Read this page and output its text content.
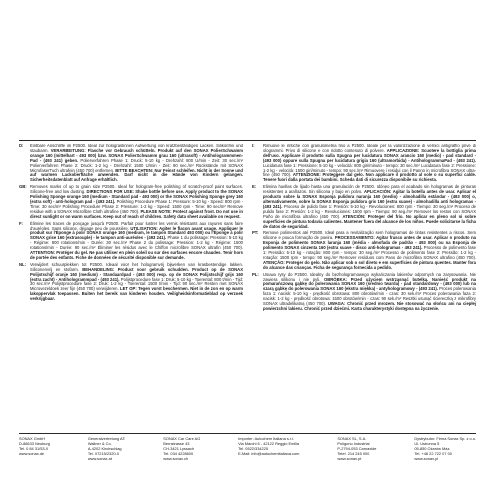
D:	Eintbare Anschliffe im P2500. Ideal zur holograstinnen Aufwertung von kratzbeständigen Lacken. Silikonfrei und staubarm. VERARBEITUNG: Flasche vor Gebrauch schütteln. Produkt auf den SONAX PolierSchwamm orange 160 (mittelhart - 493 000) bzw. SONAX PolierSchwamm grau 160 (ultrasoft) - Antihologrammmen- Pad - (493 241) geben. Polierverfahren Phase 1: Druck: 5-10 kg - Drehzahl: 800 U/min - Zeit: 30 sec./m² Polierverfahren Phase 2: Druck: 1-2 kg - Drehzahl: 1500 U/min - Zeit: 90 sec./m² Rückstände mit SONAX MicrofaserTuch ultrafein (450 700) entfernen. BITTE BEACHTEN: Nur Feinst schleifen. Nicht in der Sonne und auf warmen Lackoberfläche anwenden. Darf nicht in die Hände von Kindern gelangen. Sicherheitsdatenblatt auf Anfrage erhältlich.
GB: Removes marks of up to grain size P2500. Ideal for hologram-free polishing of scratch-proof paint surfaces. Silicone-free and low dusting. DIRECTIONS FOR USE: Shake bottle before use. Apply product to the SONAX Polishing Sponge orange 160 (medium - Standard pad - 493 000) or the SONAX Polishing Sponge grey 160 (extra soft) - anti-hologram pad - (493 241). Polishing Procedure Phase 1: Pressure: 5-10 kg - Speed: 800 rpm - Time: 30 sec/m² Polishing Procedure Phase 2: Pressure: 1-2 kg - Speed: 1500 rpm - Time: 90 sec/m² Remove residue with a SONAX Microfibre Cloth ultrafine (450 700). PLEASE NOTE: Protect against frost. Do not use in direct sunlight or on warm surfaces. Keep out of reach of children. Safety data sheet available on request.
F:	Élimine les traces de ponçage jusqu'à P2500. Parfait pour lustrer les vernis résistants aux rayures sans faire d'auréoles. Sans silicone, dégage peu de poussière. UTILISATION: Agiter le flacon avant usage. Appliquer le produit sur l'Éponge à polir SONAX orange 160 (medium, le tampon Standard 493 000) ou l'Éponge à polir SONAX grise 160 (extrasouple) - le tampon anti-auréoles - (493 241). Phase 1 du polissage: Pression: 5-10 kg - Régime: 800 rotations/min - Durée: 30 sec./m² Phase 2 du polissage: Pression: 1-2 kg - Régime: 1500 rotations/min - Durée: 90 sec./m² Éliminer les résidus avec le Chiffon microfibre SONAX ultrafin (450 700). ATTENTION: Protéger du gel. Ne pas utiliser en plein soleil ou sur des surfaces encore chaudes. Tenir hors de portée des enfants. Fiche de données de sécurité disponible sur demande.
NL: Verwijdert schuurplekken tot P2500. Ideaal voor het hologramvrij bijwerken van krasbestendige lakken. Siliconenvrij en stofarm. BEHANDELING: Product voor gebruik schudden. Product op de SONAX Polijstschijf oranje 160 (medium) - Standaardpad - (493 000) resp. op de SONAX Polijstschijf grijs 160 (extra zacht) - Antihologrammpad - (493 241). Polijstprocedure fase 1: Druk: 5-10 kg - Toerental: 800 t/min - Tijd: 30 sec./m² Polijstprocedure fase 2: Druk: 1-2 kg - Toerental: 1500 t/min - Tijd: 90 sec./m² Resten met SONAX Microvezeldoek zeer fijn (450 700) verwijderen. LET OP: Tegen vorst beschermen. Niet in de zon en op warm lakoppervlak toepassen. Buiten het bereik van kinderen houden. Veiligheidsinformatieblad op verzoek verkrijgbaar.
I:	Rimuove le irritiche con granulometria fino a P2500. Ideale per la valorizzazione di vernici antigraffio prive di ologrammi. Privo di silicone e con ridotto contenuto di polvere. APPLICAZIONE: Scuotere la bottiglia prima dell'uso. Applicare il prodotto sulla Spugna per lucidatura SONAX arancio 160 (medio) - pad standard - (493 000) oppure sulla Spugna per lucidatura grigia 160 (ultramorbida) - AntihologrammaPad - (493 241). Lucidatura fase 1: Pressione: 5-10 kg - velocità: 800 giri/minuto - tempo: 30 sec./m² Lucidatura fase 2: Pressione: 1-2 kg - velocità: 1500 giri/minuto - tempo: 90 sec./m² Rimuovere i residui con il Panno in microfibra SONAX ultra-fine (450 700). ATTENZIONE: Proteggere dal gelo. Non applicare il prodotto al sole o su superfici calde. Tenere fuori dalla portata dei bambini. Scheda dati di sicurezza disponibile su richiesta.
E:	Elimina huellas de lijado hasta una granulación de P2500. Idóneo para el acabado sin hologramas de pinturas resistentes a arañazos. Sin silicona y bajo en polvo. APLICACIÓN: Agitar la botella antes de usar. Aplicar el producto sobre la SONAX Esponja pulidora naranja 160 (medio) - almohadilla estándar - (493 000) o, alternativamente, sobre la SONAX Esponja pulidora gris 160 (extra suave) - almohadilla anti hologramas - (493 241). Proceso de pulido fase 1: Presión: 5-10 kg - Revoluciones: 800 rpm - Tiempo: 30 seg./m² Proceso de pulido fase 2: Presión: 1-2 kg - Revoluciones: 1500 rpm - Tiempo: 90 seg./m² Remover los restos con SONAX Paño de microfibra ultrafino (450 700). ATENCIÓN: Proteger del frío. No aplicar en pleno sol ni sobre superficies de pintura todavía calientes. Mantener fuera del alcance de los niños. Puede solicitarse la ficha de datos de seguridad.
PT:	Remove polimentos até P2500. Ideal para a revitalização sem hologramas de tintas resistentes a riscos. Sem silicone e pouca formação de poeira. PROCESSAMENTO: Agitar frasco antes de usar. Aplicar o produto na Esponja de polimento SONAX laranja 160 (média - almofada de padrão - 493 000) ou na Esponja de polimento SONAX cinzenta 160 (extra suave - disco anti-hologramas - 493 241). Processo de polimento fase 1: Pressão: 5-10 kg - rotação: 800 rpm - tempo: 30 seg./m² Processo de polimento fase 2: Pressão: 1-2 kg - rotação: 1500 rpm - tempo: 90 seg./m² Remover resíduos com Pano de microfibra SONAX ultrafino (450 700). ATENÇÃO: Proteger do gelo. Não aplicar sob o sol direto e em superfícies de pintura quentes. Manter fora do alcance das crianças. Ficha de segurança fornecida a pedido.
PL:	Usuwa rysy do P2500. Idealny do bezhologramowego wykańczania lakierów odpornych na zarysowania. Nie zawiera silikonu i nie pyli. OBRÓBKA: Przed użyciem wstrząsnąć butelką. Nanieść produkt na pomarańczową gąbkę do polerowania SONAX 160 (średnio twarda) - pad standardowy - (493 000) lub na szarą gąbkę do polerowania SONAX 160 (ekstra miękka) - antyhologramowy - (493 241). Proces polerowania faza 1: nacisk: 5-10 kg - prędkość obrotowa: 800 obrotów/min - czas: 30 sek./m² Proces polerowania faza 2: nacisk: 1-2 kg - prędkość obrotowa: 1500 obrotów/min - czas: 90 sek./m² Resztki usunąć ściereczką z mikrofibry SONAX ultradelikatną (450 700). UWAGA: Chronić przed mrozem. Nie stosować na słońcu ani na ciepłej powierzchni lakieru. Chronić przed dziećmi. Karta charakterystyki dostępna na życzenie.
SONAX GmbH
D-86633 Neuburg
Tel. 0 84 31/53-0
www.sonax.de
Generalvertretung AT:
Wallner & Co.
A-4202 Kirchschlag
Tel. 07215/2320-0
www.sonax.at
SONAX Car Care AG
Bernstrasse 43
CH-3421 Lyssach
Tel. 034 4228600
www.sonax.ch
Importer: Autochem Italiana s.r.l.
Via Marchi 6 - 42122 Reggio Emilia
Tel. 0522/334225
E-Mail: info@autochemitaliana.com
SONAX SL, S.A.
Polígono Industrial
P-2794-053 Carnaxide
Telef. 214 245 000
www.sonax.pt
Dystrybutor: Firma Sonax Sp. z o.o.
Ul. Ustronna 5
05-850 Ożarów Maz.
Tel. +48 22 722 07 00
www.sonax.pl
